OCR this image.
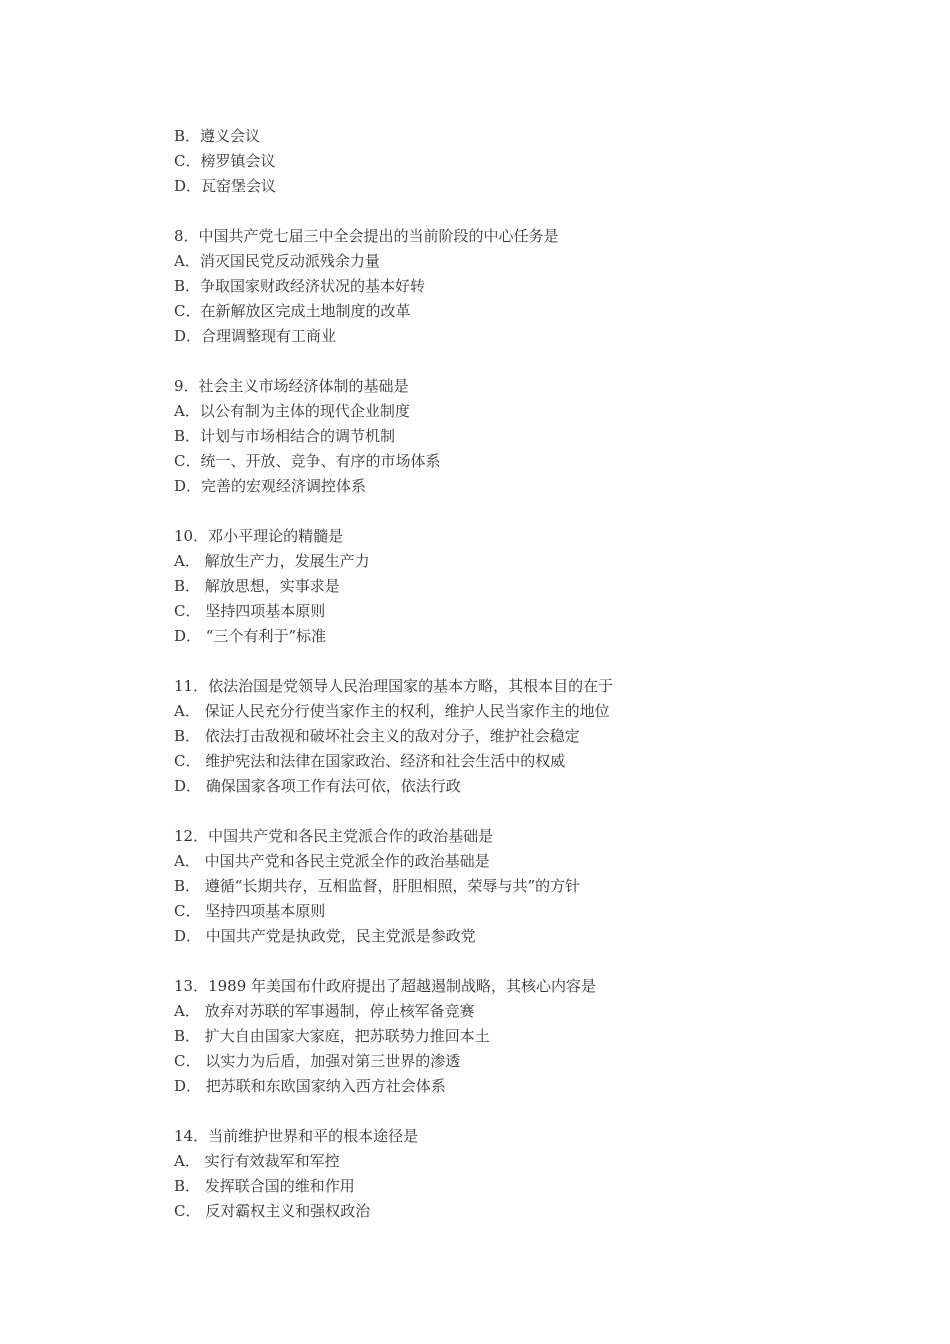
B．遵义会议
C．榜罗镇会议
D．瓦窑堡会议
8．中国共产党七届三中全会提出的当前阶段的中心任务是
A．消灭国民党反动派残余力量
B．争取国家财政经济状况的基本好转
C．在新解放区完成土地制度的改革
D．合理调整现有工商业
9．社会主义市场经济体制的基础是
A．以公有制为主体的现代企业制度
B．计划与市场相结合的调节机制
C．统一、开放、竞争、有序的市场体系
D．完善的宏观经济调控体系
10．邓小平理论的精髓是
A． 解放生产力，发展生产力
B． 解放思想，实事求是
C． 坚持四项基本原则
D． “三个有利于”标准
11．依法治国是党领导人民治理国家的基本方略，其根本目的在于
A． 保证人民充分行使当家作主的权利，维护人民当家作主的地位
B． 依法打击敌视和破坏社会主义的敌对分子，维护社会稳定
C． 维护宪法和法律在国家政治、经济和社会生活中的权威
D． 确保国家各项工作有法可依，依法行政
12．中国共产党和各民主党派合作的政治基础是
A． 中国共产党和各民主党派全作的政治基础是
B． 遵循“长期共存，互相监督，肝胆相照，荣辱与共”的方针
C． 坚持四项基本原则
D． 中国共产党是执政党，民主党派是参政党
13．1989 年美国布什政府提出了超越遏制战略，其核心内容是
A． 放弃对苏联的军事遏制，停止核军备竞赛
B． 扩大自由国家大家庭，把苏联势力推回本土
C． 以实力为后盾，加强对第三世界的渗透
D． 把苏联和东欧国家纳入西方社会体系
14．当前维护世界和平的根本途径是
A． 实行有效裁军和军控
B． 发挥联合国的维和作用
C． 反对霸权主义和强权政治
